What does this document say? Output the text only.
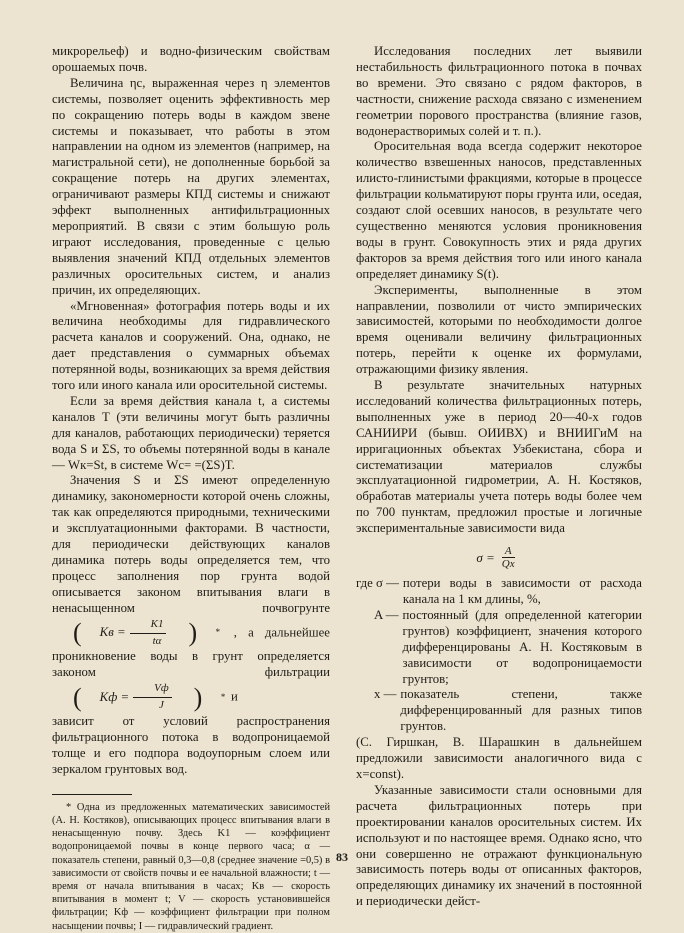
микрорельеф) и водно-физическим свойствам орошаемых почв.

Величина ηс, выраженная через η элементов системы, позволяет оценить эффективность мер по сокращению потерь воды в каждом звене системы и показывает, что работы в этом направлении на одном из элементов (например, на магистральной сети), не дополненные борьбой за сокращение потерь на других элементах, ограничивают размеры КПД системы и снижают эффект выполненных антифильтрационных мероприятий. В связи с этим большую роль играют исследования, проведенные с целью выявления значений КПД отдельных элементов различных оросительных систем, и анализ причин, их определяющих.

«Мгновенная» фотография потерь воды и их величина необходимы для гидравлического расчета каналов и сооружений. Она, однако, не дает представления о суммарных объемах потерянной воды, возникающих за время действия того или иного канала или оросительной системы.

Если за время действия канала t, а системы каналов T (эти величины могут быть различны для каналов, работающих периодически) теряется вода S и ΣS, то объемы потерянной воды в канале — Wк=St, в системе Wс= =(ΣS)T.

Значения S и ΣS имеют определенную динамику, закономерности которой очень сложны, так как определяются природными, техническими и эксплуатационными факторами. В частности, для периодически действующих каналов динамика потерь воды определяется тем, что процесс заполнения пор грунта водой описывается законом впитывания влаги в ненасыщенном почвогрунте
(	Kв = $\frac{K1}{t\alpha}$ )	* , а дальнейшее проникновение воды в грунт определяется законом фильтрации
(	Kф = $\frac{Vф}{J}$ )	* и

зависит от условий распространения фильтрационного потока в водопроницаемой толще и его подпора водоупорным слоем или зеркалом грунтовых вод.

* Одна из предложенных математических зависимостей (А. Н. Костяков), описывающих процесс впитывания влаги в ненасыщенную почву. Здесь K1 — коэффициент водопроницаемой почвы в конце первого часа; α — показатель степени, равный 0,3—0,8 (среднее значение =0,5) в зависимости от свойств почвы и ее начальной влажности; t — время от начала впитывания в часах; Kв — скорость впитывания в момент t; V — скорость установившейся фильтрации; Kф — коэффициент фильтрации при полном насыщении почвы; I — гидравлический градиент.

Исследования последних лет выявили нестабильность фильтрационного потока в почвах во времени. Это связано с рядом факторов, в частности, снижение расхода связано с изменением геометрии порового пространства (влияние газов, водонерастворимых солей и т. п.).

Оросительная вода всегда содержит некоторое количество взвешенных наносов, представленных илисто-глинистыми фракциями, которые в процессе фильтрации кольматируют поры грунта или, оседая, создают слой осевших наносов, в результате чего существенно меняются условия проникновения воды в грунт. Совокупность этих и ряда других факторов за время действия того или иного канала определяет динамику S(t).

Эксперименты, выполненные в этом направлении, позволили от чисто эмпирических зависимостей, которыми по необходимости долгое время оценивали величину фильтрационных потерь, перейти к оценке их формулами, отражающими физику явления.

В результате значительных натурных исследований количества фильтрационных потерь, выполненных уже в период 20—40-х годов САНИИРИ (бывш. ОИИВХ) и ВНИИГиМ на ирригационных объектах Узбекистана, сбора и систематизации материалов службы эксплуатационной гидрометрии, А. Н. Костяков, обработав материалы учета потерь воды более чем по 700 пунктам, предложил простые и логичные экспериментальные зависимости вида

$\sigma = \frac{A}{Qx}$
где σ — потери воды в зависимости от расхода канала на 1 км длины, %,
A — постоянный (для определенной категории грунтов) коэффициент, значения которого дифференцированы А. Н. Костяковым в зависимости от водопроницаемости грунтов;
x — показатель степени, также дифференцированный для разных типов грунтов.

(С. Гиршкан, В. Шарашкин в дальнейшем предложили зависимости аналогичного вида с x=const).

Указанные зависимости стали основными для расчета фильтрационных потерь при проектировании каналов оросительных систем. Их используют и по настоящее время. Однако ясно, что они совершенно не отражают функциональную зависимость потерь воды от описанных факторов, определяющих динамику их значений в постоянной и периодически дейст-

83
